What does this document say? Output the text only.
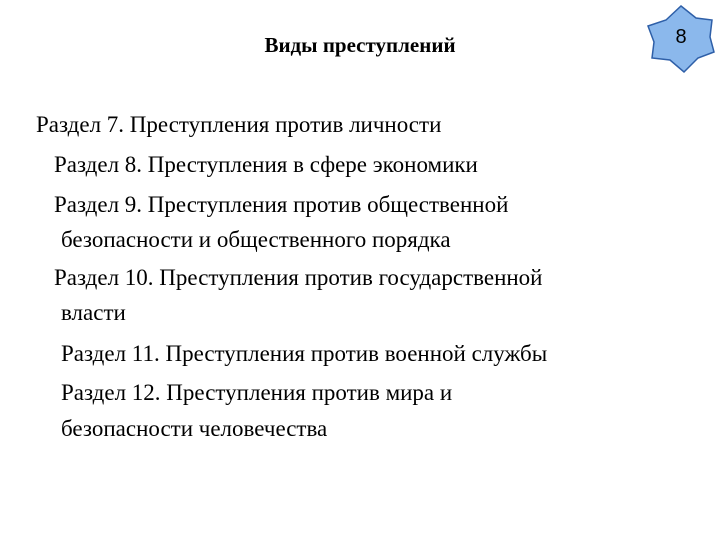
Виды преступлений	8
Раздел 7. Преступления против личности
Раздел 8. Преступления в сфере экономики
Раздел 9. Преступления против общественной
безопасности и общественного порядка
Раздел 10. Преступления против государственной
власти
Раздел 11. Преступления против военной службы
Раздел 12. Преступления против мира и
безопасности человечества
